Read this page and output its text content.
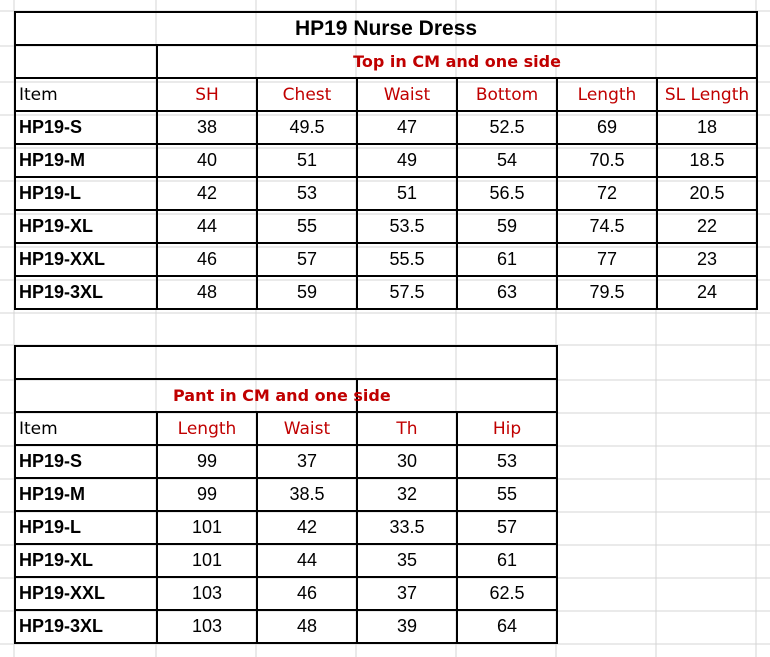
HP19 Nurse Dress						
	Top in CM and one side					
Item	SH	Chest	Waist	Bottom	Length	SL Length
HP19-S	38	49.5	47	52.5	69	18
HP19-M	40	51	49	54	70.5	18.5
HP19-L	42	53	51	56.5	72	20.5
HP19-XL	44	55	53.5	59	74.5	22
HP19-XXL	46	57	55.5	61	77	23
HP19-3XL	48	59	57.5	63	79.5	24

Pant in CM and one side				
Item	Length	Waist	Th	Hip
HP19-S	99	37	30	53
HP19-M	99	38.5	32	55
HP19-L	101	42	33.5	57
HP19-XL	101	44	35	61
HP19-XXL	103	46	37	62.5
HP19-3XL	103	48	39	64
